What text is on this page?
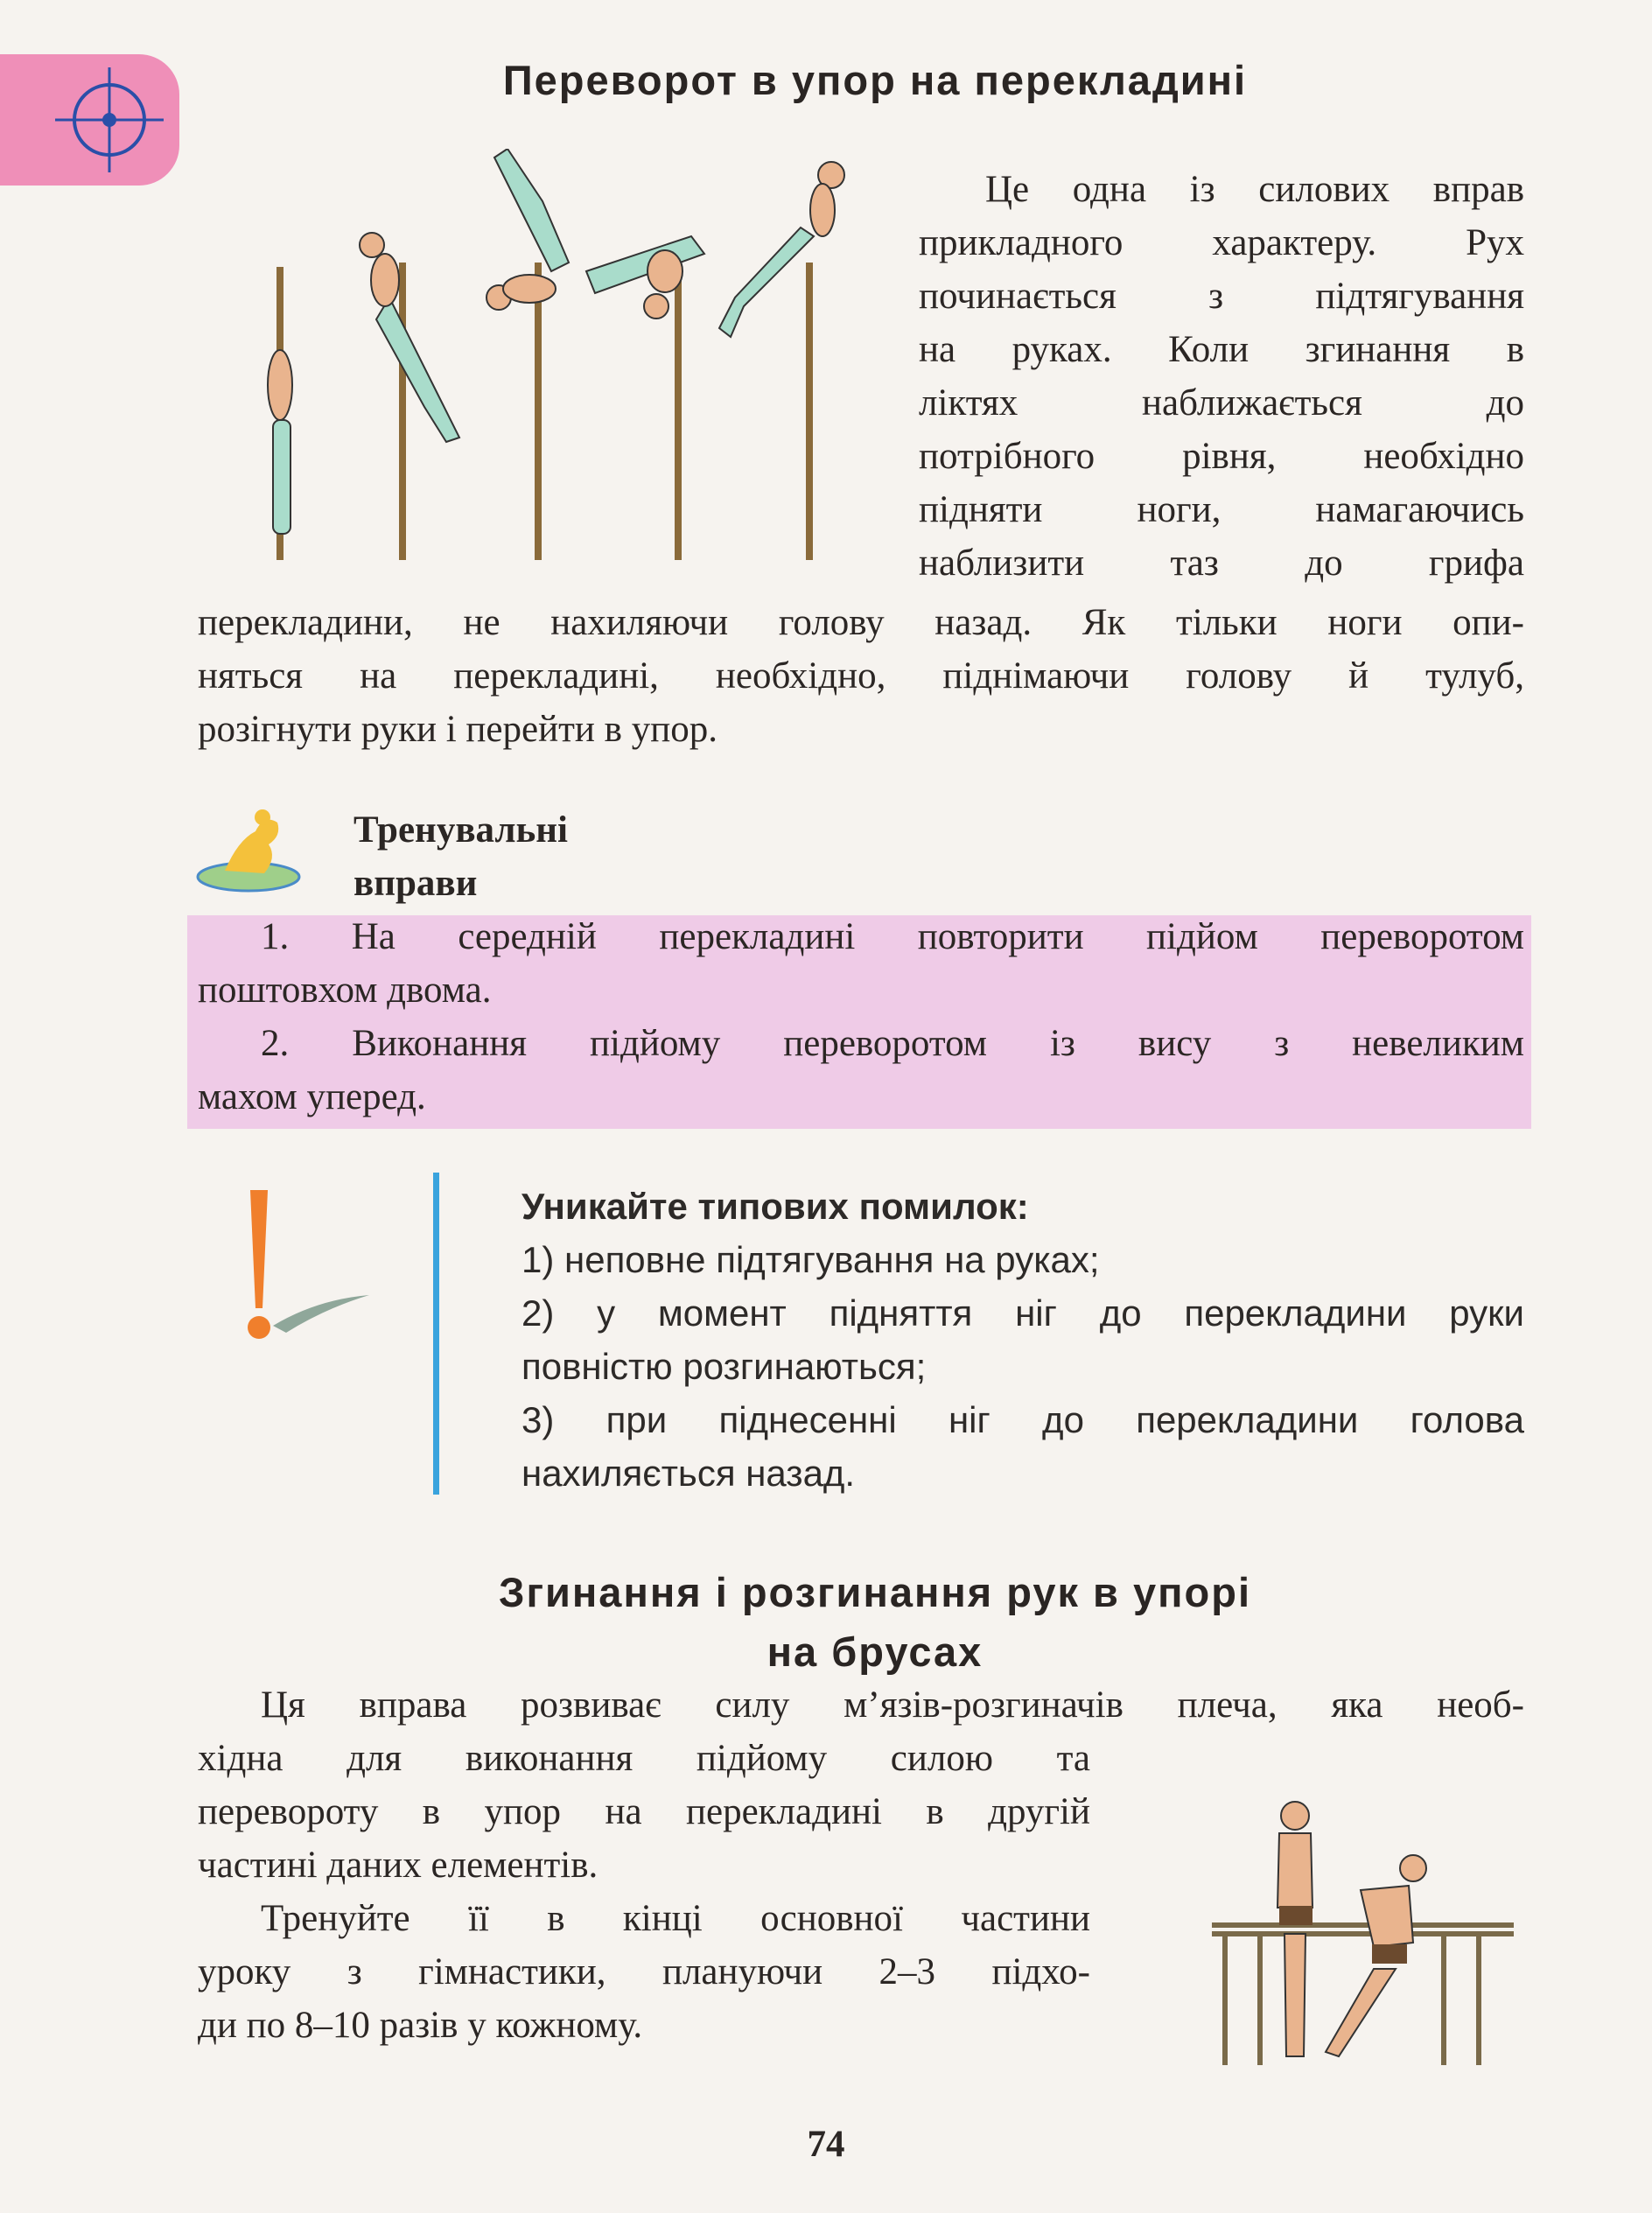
Переворот в упор на перекладині
Це одна із силових вправ
прикладного характеру. Рух
починається з підтягування
на руках. Коли згинання в
ліктях наближається до
потрібного рівня, необхідно
підняти ноги, намагаючись
наблизити таз до грифа
перекладини, не нахиляючи голову назад. Як тільки ноги опи-
няться на перекладині, необхідно, піднімаючи голову й тулуб,
розігнути руки і перейти в упор.
Тренувальні
вправи
1. На середній перекладині повторити підйом переворотом
поштовхом двома.
2. Виконання підйому переворотом із вису з невеликим
махом уперед.
Уникайте типових помилок:
1) неповне підтягування на руках;
2) у момент підняття ніг до перекладини руки
повністю розгинаються;
3) при піднесенні ніг до перекладини голова
нахиляється назад.
Згинання і розгинання рук в упорі
на брусах
Ця вправа розвиває силу м’язів-розгиначів плеча, яка необ-
хідна для виконання підйому силою та
перевороту в упор на перекладині в другій
частині даних елементів.
Тренуйте її в кінці основної частини
уроку з гімнастики, плануючи 2–3 підхо-
ди по 8–10 разів у кожному.
74
